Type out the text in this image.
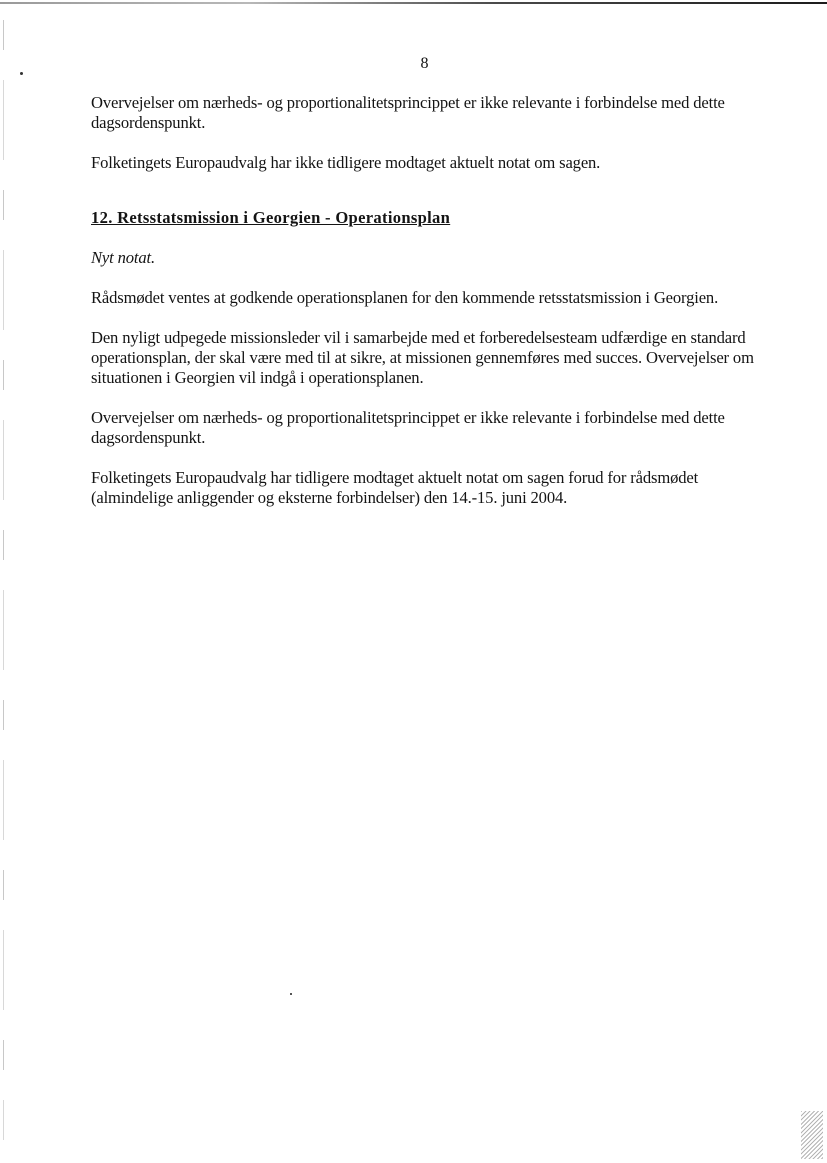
8

Overvejelser om nærheds- og proportionalitetsprincippet er ikke relevante i forbindelse med dette dagsordenspunkt.

Folketingets Europaudvalg har ikke tidligere modtaget aktuelt notat om sagen.

12. Retsstatsmission i Georgien - Operationsplan

Nyt notat.

Rådsmødet ventes at godkende operationsplanen for den kommende retsstatsmission i Georgien.

Den nyligt udpegede missionsleder vil i samarbejde med et forberedelsesteam udfærdige en standard operationsplan, der skal være med til at sikre, at missionen gennemføres med succes. Overvejelser om situationen i Georgien vil indgå i operationsplanen.

Overvejelser om nærheds- og proportionalitetsprincippet er ikke relevante i forbindelse med dette dagsordenspunkt.

Folketingets Europaudvalg har tidligere modtaget aktuelt notat om sagen forud for rådsmødet (almindelige anliggender og eksterne forbindelser) den 14.-15. juni 2004.
